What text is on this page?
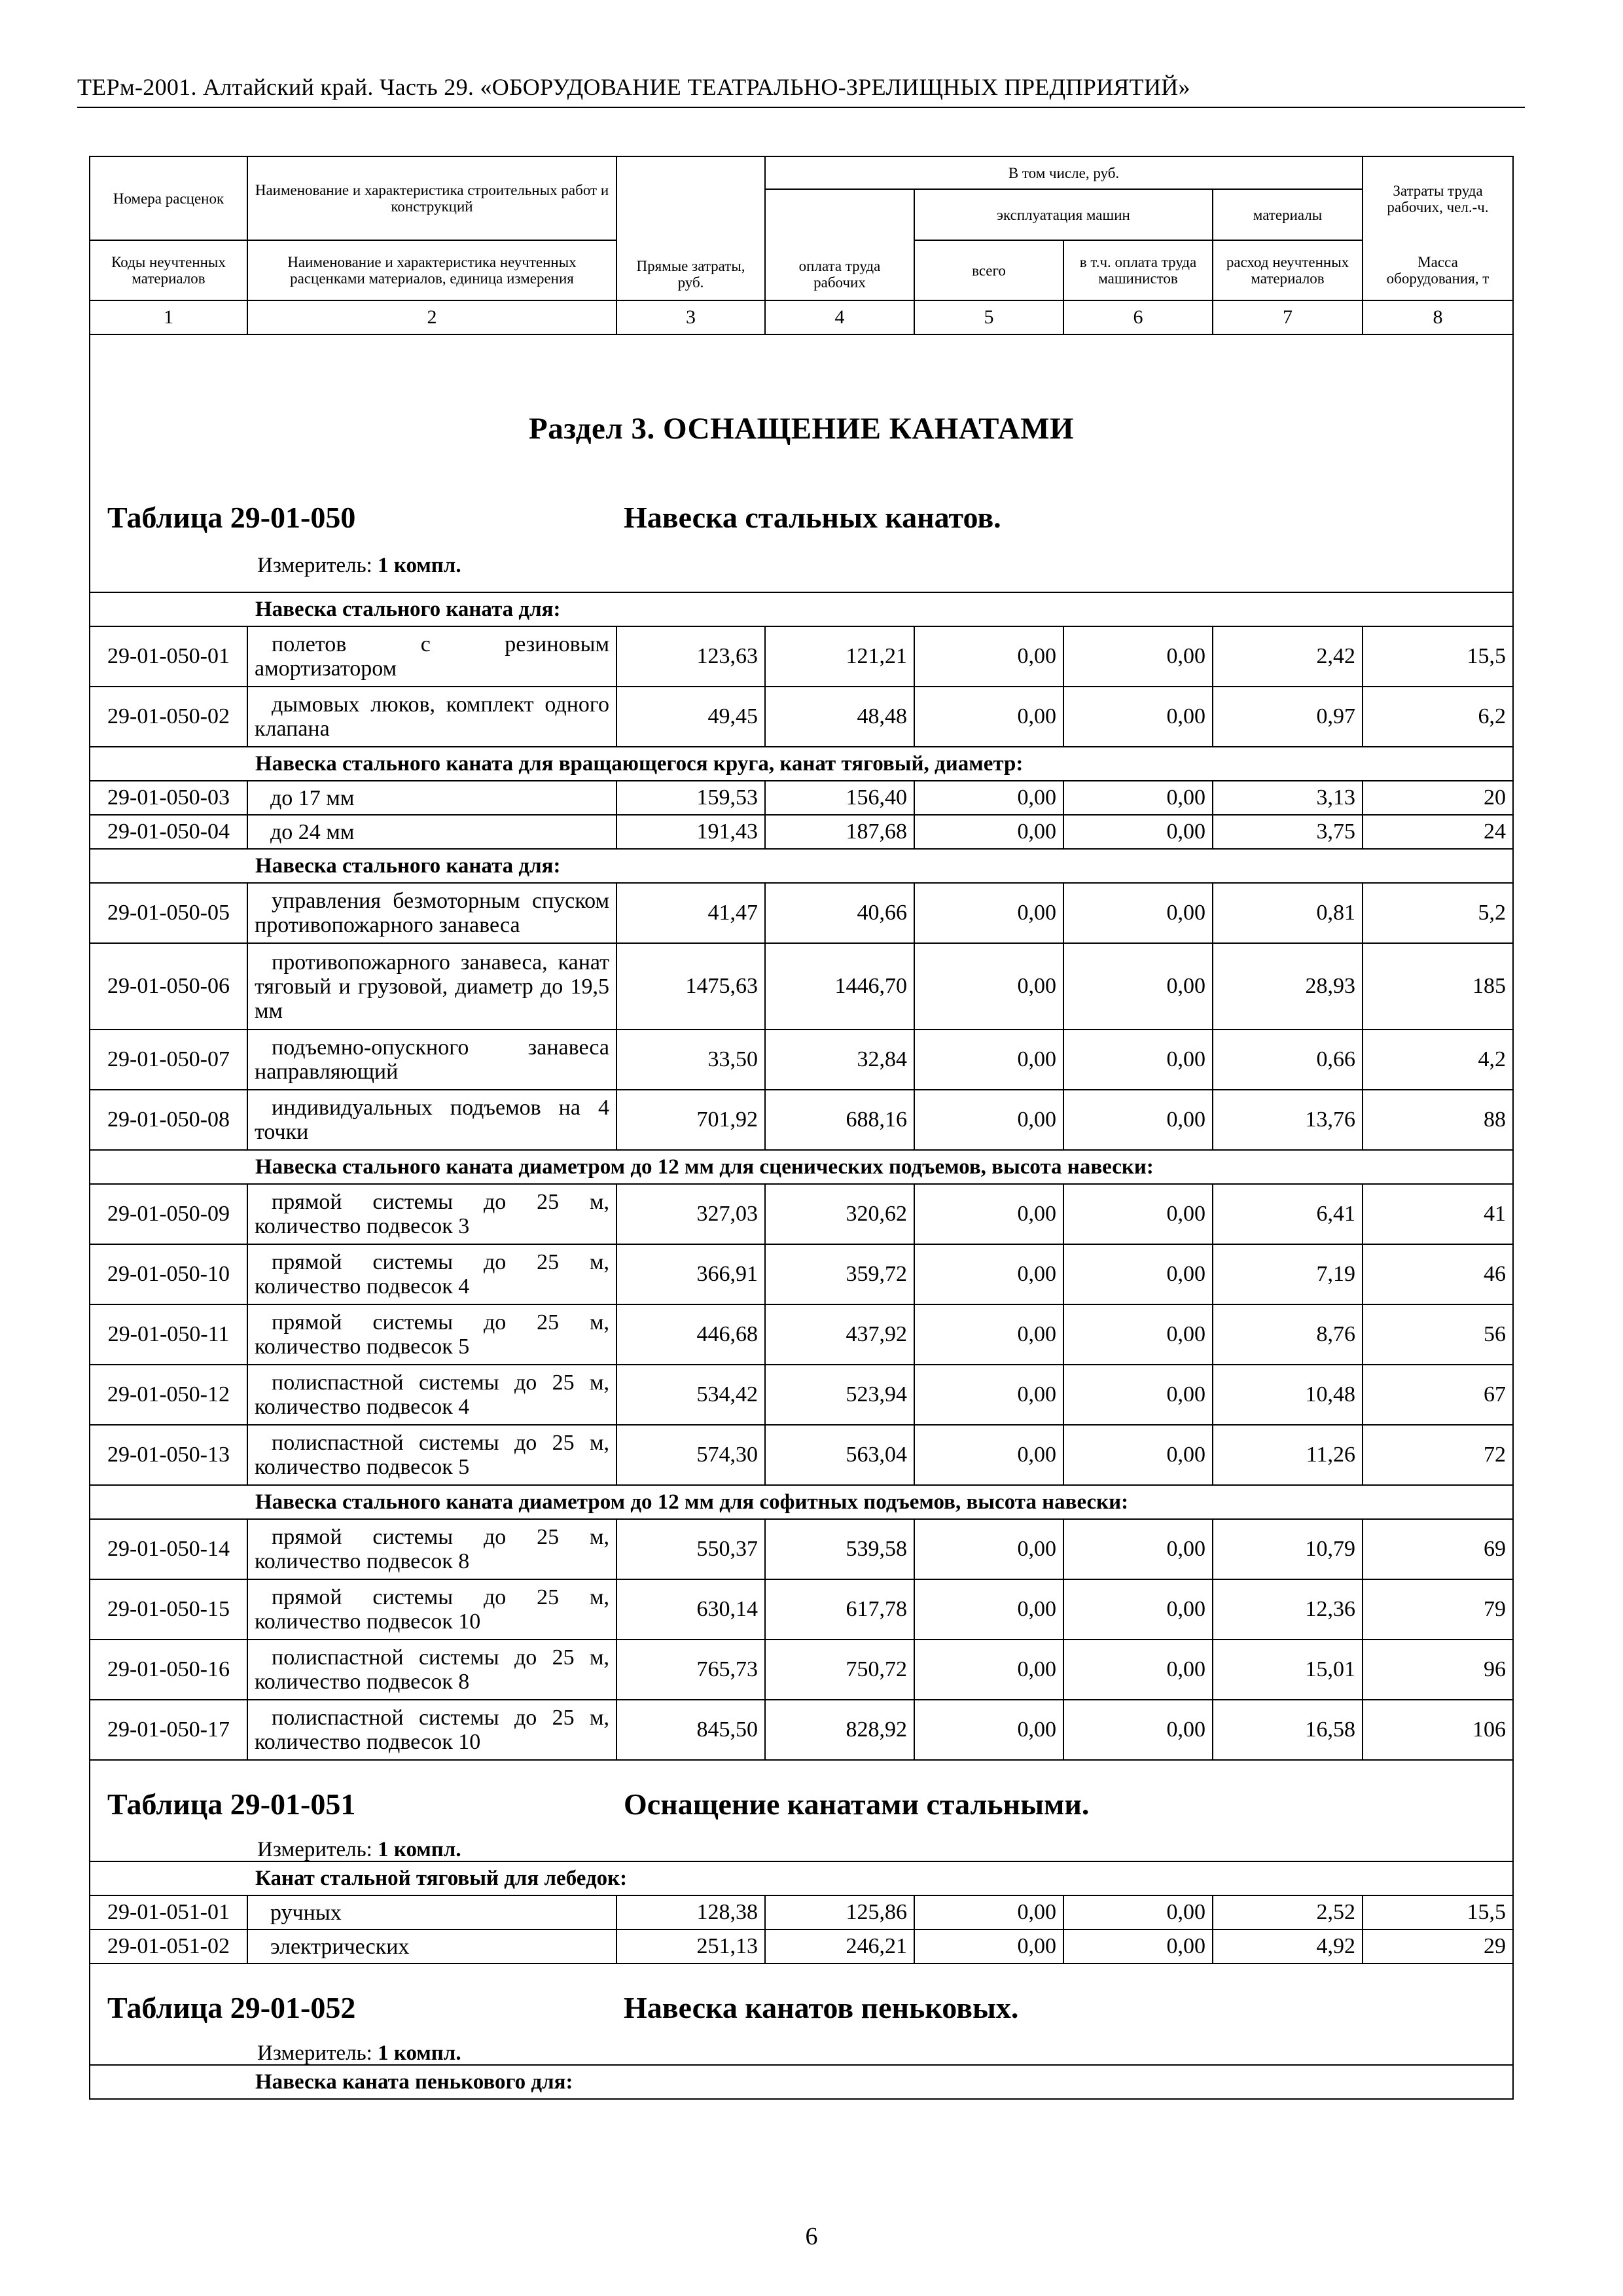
ТЕРм-2001. Алтайский край. Часть 29. «ОБОРУДОВАНИЕ ТЕАТРАЛЬНО-ЗРЕЛИЩНЫХ ПРЕДПРИЯТИЙ»
Номера расценок	Наименование и характеристика строительных работ и конструкций	Прямые затраты, руб.	В том числе, руб.				Затраты труда рабочих, чел.-ч.
			оплата труда рабочих	эксплуатация машин		материалы	
Коды неучтенных материалов	Наименование и характеристика неучтенных расценками материалов, единица измерения			всего	в т.ч. оплата труда машинистов	расход неучтенных материалов	Масса оборудования, т

1	2	3	4	5	6	7	8

Раздел 3. ОСНАЩЕНИЕ КАНАТАМИ
Таблица 29-01-050 Навеска стальных канатов.
Измеритель: 1 компл.							

Навеска стального каната для:							
29-01-050-01	полетов с резиновым амортизатором	123,63	121,21	0,00	0,00	2,42	15,5
29-01-050-02	дымовых люков, комплект одного клапана	49,45	48,48	0,00	0,00	0,97	6,2
Навеска стального каната для вращающегося круга, канат тяговый, диаметр:							
29-01-050-03	до 17 мм	159,53	156,40	0,00	0,00	3,13	20
29-01-050-04	до 24 мм	191,43	187,68	0,00	0,00	3,75	24
Навеска стального каната для:							
29-01-050-05	управления безмоторным спуском противопожарного занавеса	41,47	40,66	0,00	0,00	0,81	5,2
29-01-050-06	противопожарного занавеса, канат тяговый и грузовой, диаметр до 19,5 мм	1475,63	1446,70	0,00	0,00	28,93	185
29-01-050-07	подъемно-опускного занавеса направляющий	33,50	32,84	0,00	0,00	0,66	4,2
29-01-050-08	индивидуальных подъемов на 4 точки	701,92	688,16	0,00	0,00	13,76	88
Навеска стального каната диаметром до 12 мм для сценических подъемов, высота навески:							
29-01-050-09	прямой системы до 25 м, количество подвесок 3	327,03	320,62	0,00	0,00	6,41	41
29-01-050-10	прямой системы до 25 м, количество подвесок 4	366,91	359,72	0,00	0,00	7,19	46
29-01-050-11	прямой системы до 25 м, количество подвесок 5	446,68	437,92	0,00	0,00	8,76	56
29-01-050-12	полиспастной системы до 25 м, количество подвесок 4	534,42	523,94	0,00	0,00	10,48	67
29-01-050-13	полиспастной системы до 25 м, количество подвесок 5	574,30	563,04	0,00	0,00	11,26	72
Навеска стального каната диаметром до 12 мм для софитных подъемов, высота навески:							
29-01-050-14	прямой системы до 25 м, количество подвесок 8	550,37	539,58	0,00	0,00	10,79	69
29-01-050-15	прямой системы до 25 м, количество подвесок 10	630,14	617,78	0,00	0,00	12,36	79
29-01-050-16	полиспастной системы до 25 м, количество подвесок 8	765,73	750,72	0,00	0,00	15,01	96
29-01-050-17	полиспастной системы до 25 м, количество подвесок 10	845,50	828,92	0,00	0,00	16,58	106

Таблица 29-01-051 Оснащение канатами стальными.
Измеритель: 1 компл.							

Канат стальной тяговый для лебедок:							
29-01-051-01	ручных	128,38	125,86	0,00	0,00	2,52	15,5
29-01-051-02	электрических	251,13	246,21	0,00	0,00	4,92	29

Таблица 29-01-052 Навеска канатов пеньковых.
Измеритель: 1 компл.							

Навеска каната пенькового для:							
6
